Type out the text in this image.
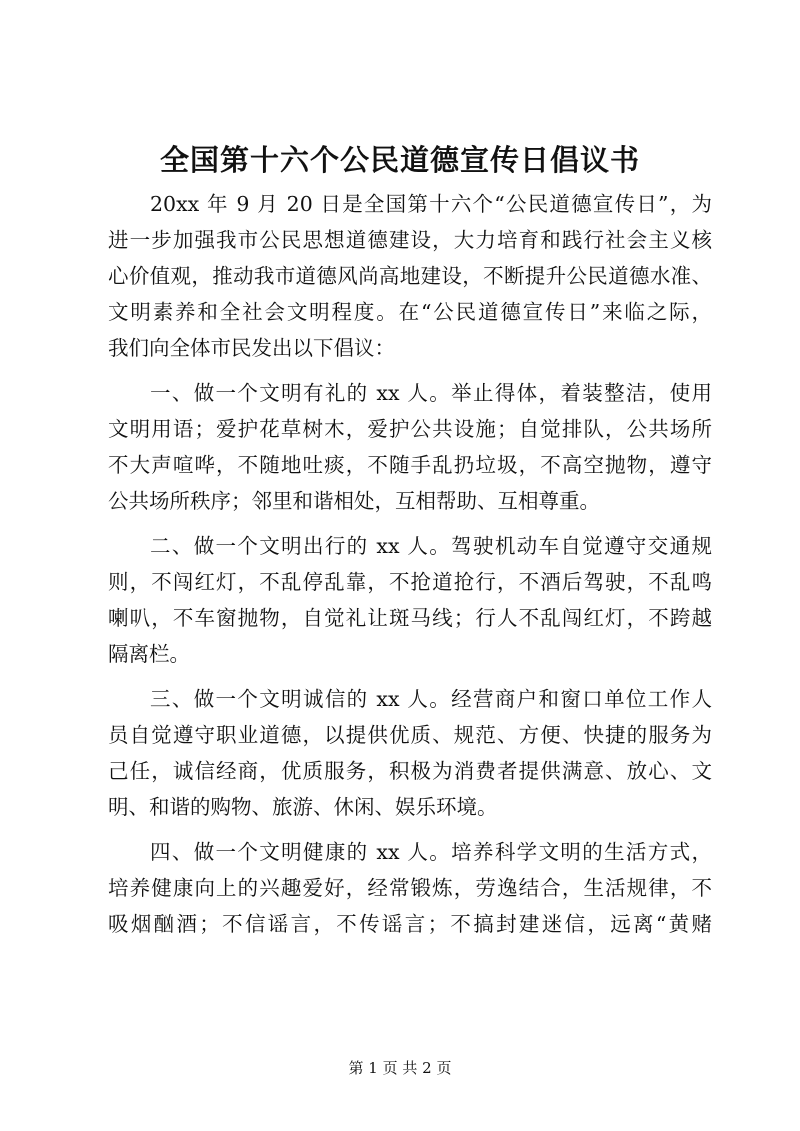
全国第十六个公民道德宣传日倡议书
20xx 年 9 月 20 日是全国第十六个“公民道德宣传日”，为
进一步加强我市公民思想道德建设，大力培育和践行社会主义核
心价值观，推动我市道德风尚高地建设，不断提升公民道德水准、
文明素养和全社会文明程度。在“公民道德宣传日”来临之际，
我们向全体市民发出以下倡议：
一、做一个文明有礼的 xx 人。举止得体，着装整洁，使用
文明用语；爱护花草树木，爱护公共设施；自觉排队，公共场所
不大声喧哗，不随地吐痰，不随手乱扔垃圾，不高空抛物，遵守
公共场所秩序；邻里和谐相处，互相帮助、互相尊重。
二、做一个文明出行的 xx 人。驾驶机动车自觉遵守交通规
则，不闯红灯，不乱停乱靠，不抢道抢行，不酒后驾驶，不乱鸣
喇叭，不车窗抛物，自觉礼让斑马线；行人不乱闯红灯，不跨越
隔离栏。
三、做一个文明诚信的 xx 人。经营商户和窗口单位工作人
员自觉遵守职业道德，以提供优质、规范、方便、快捷的服务为
己任，诚信经商，优质服务，积极为消费者提供满意、放心、文
明、和谐的购物、旅游、休闲、娱乐环境。
四、做一个文明健康的 xx 人。培养科学文明的生活方式，
培养健康向上的兴趣爱好，经常锻炼，劳逸结合，生活规律，不
吸烟酗酒；不信谣言，不传谣言；不搞封建迷信，远离“黄赌
第 1 页 共 2 页
